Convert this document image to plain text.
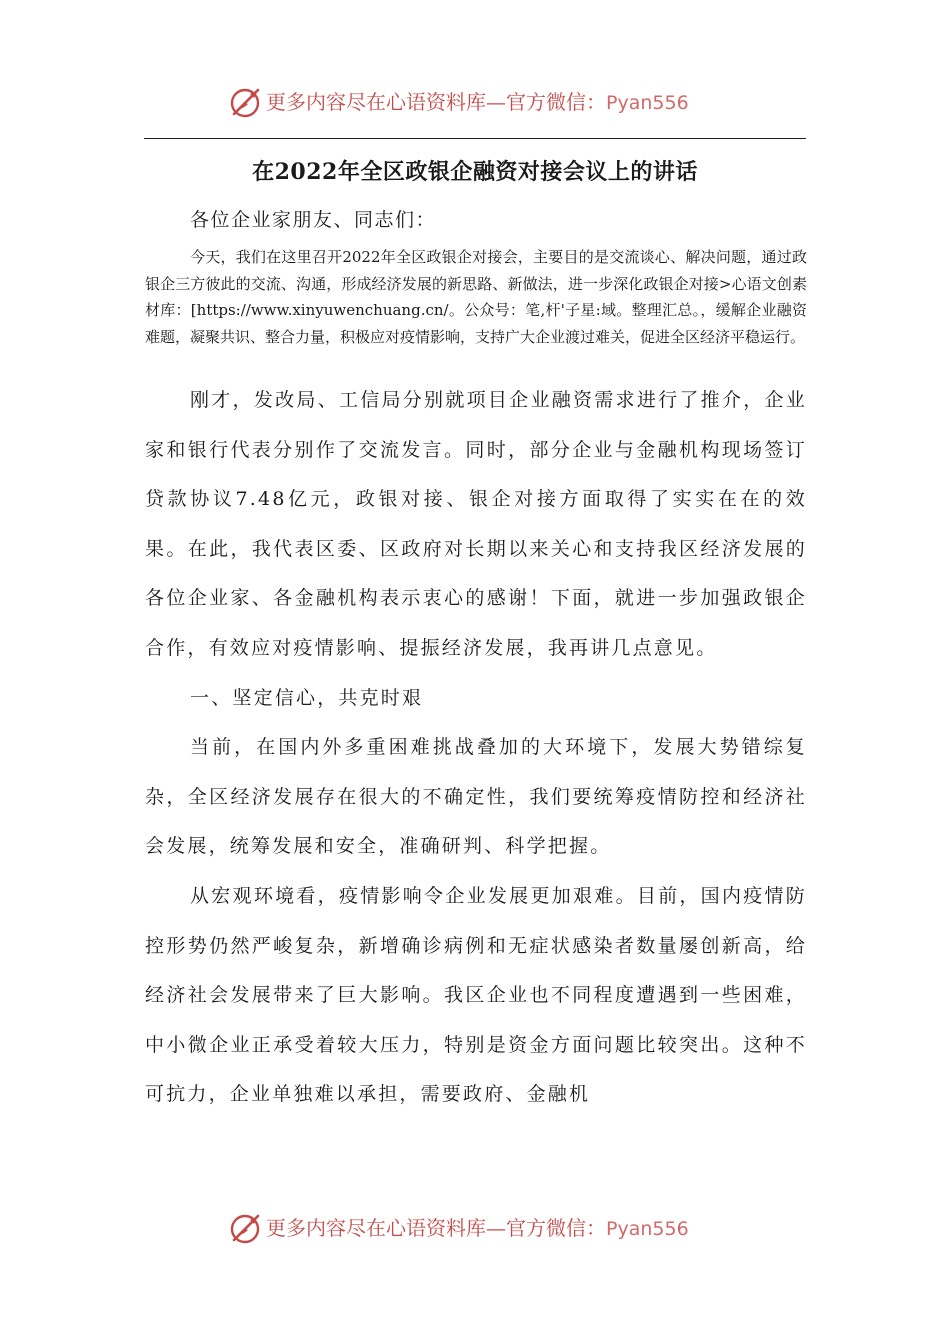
更多内容尽在心语资料库—官方微信：Pyan556
在2022年全区政银企融资对接会议上的讲话
各位企业家朋友、同志们：
今天，我们在这里召开2022年全区政银企对接会，主要目的是交流谈心、解决问题，通过政银企三方彼此的交流、沟通，形成经济发展的新思路、新做法，进一步深化政银企对接>心语文创素材库：[https://www.xinyuwenchuang.cn/。公众号：笔,杆'子星:域。整理汇总。，缓解企业融资难题，凝聚共识、整合力量，积极应对疫情影响，支持广大企业渡过难关，促进全区经济平稳运行。

刚才，发改局、工信局分别就项目企业融资需求进行了推介，企业家和银行代表分别作了交流发言。同时，部分企业与金融机构现场签订贷款协议7.48亿元，政银对接、银企对接方面取得了实实在在的效果。在此，我代表区委、区政府对长期以来关心和支持我区经济发展的各位企业家、各金融机构表示衷心的感谢！下面，就进一步加强政银企合作，有效应对疫情影响、提振经济发展，我再讲几点意见。

一、坚定信心，共克时艰

当前，在国内外多重困难挑战叠加的大环境下，发展大势错综复杂，全区经济发展存在很大的不确定性，我们要统筹疫情防控和经济社会发展，统筹发展和安全，准确研判、科学把握。

从宏观环境看，疫情影响令企业发展更加艰难。目前，国内疫情防控形势仍然严峻复杂，新增确诊病例和无症状感染者数量屡创新高，给经济社会发展带来了巨大影响。我区企业也不同程度遭遇到一些困难，中小微企业正承受着较大压力，特别是资金方面问题比较突出。这种不可抗力，企业单独难以承担，需要政府、金融机

更多内容尽在心语资料库—官方微信：Pyan556
